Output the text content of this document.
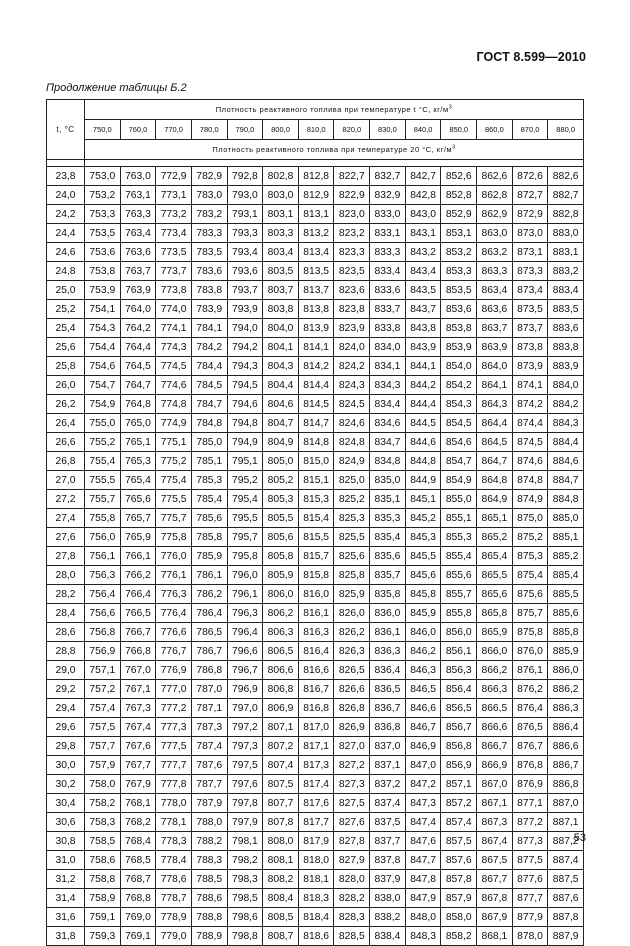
ГОСТ 8.599—2010
Продолжение таблицы Б.2
t, °C	Плотность реактивного топлива при температуре t °С, $кг/м^3$
	750,0	760,0	770,0	780,0	790,0	800,0	810,0	820,0	830,0	840,0	850,0	860,0	870,0	880,0
	Плотность реактивного топлива при температуре 20 °С, $кг/м^3$

23,8	753,0	763,0	772,9	782,9	792,8	802,8	812,8	822,7	832,7	842,7	852,6	862,6	872,6	882,6
24,0	753,2	763,1	773,1	783,0	793,0	803,0	812,9	822,9	832,9	842,8	852,8	862,8	872,7	882,7
24,2	753,3	763,3	773,2	783,2	793,1	803,1	813,1	823,0	833,0	843,0	852,9	862,9	872,9	882,8
24,4	753,5	763,4	773,4	783,3	793,3	803,3	813,2	823,2	833,1	843,1	853,1	863,0	873,0	883,0
24,6	753,6	763,6	773,5	783,5	793,4	803,4	813,4	823,3	833,3	843,2	853,2	863,2	873,1	883,1
24,8	753,8	763,7	773,7	783,6	793,6	803,5	813,5	823,5	833,4	843,4	853,3	863,3	873,3	883,2
25,0	753,9	763,9	773,8	783,8	793,7	803,7	813,7	823,6	833,6	843,5	853,5	863,4	873,4	883,4
25,2	754,1	764,0	774,0	783,9	793,9	803,8	813,8	823,8	833,7	843,7	853,6	863,6	873,5	883,5
25,4	754,3	764,2	774,1	784,1	794,0	804,0	813,9	823,9	833,8	843,8	853,8	863,7	873,7	883,6
25,6	754,4	764,4	774,3	784,2	794,2	804,1	814,1	824,0	834,0	843,9	853,9	863,9	873,8	883,8
25,8	754,6	764,5	774,5	784,4	794,3	804,3	814,2	824,2	834,1	844,1	854,0	864,0	873,9	883,9
26,0	754,7	764,7	774,6	784,5	794,5	804,4	814,4	824,3	834,3	844,2	854,2	864,1	874,1	884,0
26,2	754,9	764,8	774,8	784,7	794,6	804,6	814,5	824,5	834,4	844,4	854,3	864,3	874,2	884,2
26,4	755,0	765,0	774,9	784,8	794,8	804,7	814,7	824,6	834,6	844,5	854,5	864,4	874,4	884,3
26,6	755,2	765,1	775,1	785,0	794,9	804,9	814,8	824,8	834,7	844,6	854,6	864,5	874,5	884,4
26,8	755,4	765,3	775,2	785,1	795,1	805,0	815,0	824,9	834,8	844,8	854,7	864,7	874,6	884,6
27,0	755,5	765,4	775,4	785,3	795,2	805,2	815,1	825,0	835,0	844,9	854,9	864,8	874,8	884,7
27,2	755,7	765,6	775,5	785,4	795,4	805,3	815,3	825,2	835,1	845,1	855,0	864,9	874,9	884,8
27,4	755,8	765,7	775,7	785,6	795,5	805,5	815,4	825,3	835,3	845,2	855,1	865,1	875,0	885,0
27,6	756,0	765,9	775,8	785,8	795,7	805,6	815,5	825,5	835,4	845,3	855,3	865,2	875,2	885,1
27,8	756,1	766,1	776,0	785,9	795,8	805,8	815,7	825,6	835,6	845,5	855,4	865,4	875,3	885,2
28,0	756,3	766,2	776,1	786,1	796,0	805,9	815,8	825,8	835,7	845,6	855,6	865,5	875,4	885,4
28,2	756,4	766,4	776,3	786,2	796,1	806,0	816,0	825,9	835,8	845,8	855,7	865,6	875,6	885,5
28,4	756,6	766,5	776,4	786,4	796,3	806,2	816,1	826,0	836,0	845,9	855,8	865,8	875,7	885,6
28,6	756,8	766,7	776,6	786,5	796,4	806,3	816,3	826,2	836,1	846,0	856,0	865,9	875,8	885,8
28,8	756,9	766,8	776,7	786,7	796,6	806,5	816,4	826,3	836,3	846,2	856,1	866,0	876,0	885,9
29,0	757,1	767,0	776,9	786,8	796,7	806,6	816,6	826,5	836,4	846,3	856,3	866,2	876,1	886,0
29,2	757,2	767,1	777,0	787,0	796,9	806,8	816,7	826,6	836,5	846,5	856,4	866,3	876,2	886,2
29,4	757,4	767,3	777,2	787,1	797,0	806,9	816,8	826,8	836,7	846,6	856,5	866,5	876,4	886,3
29,6	757,5	767,4	777,3	787,3	797,2	807,1	817,0	826,9	836,8	846,7	856,7	866,6	876,5	886,4
29,8	757,7	767,6	777,5	787,4	797,3	807,2	817,1	827,0	837,0	846,9	856,8	866,7	876,7	886,6
30,0	757,9	767,7	777,7	787,6	797,5	807,4	817,3	827,2	837,1	847,0	856,9	866,9	876,8	886,7
30,2	758,0	767,9	777,8	787,7	797,6	807,5	817,4	827,3	837,2	847,2	857,1	867,0	876,9	886,8
30,4	758,2	768,1	778,0	787,9	797,8	807,7	817,6	827,5	837,4	847,3	857,2	867,1	877,1	887,0
30,6	758,3	768,2	778,1	788,0	797,9	807,8	817,7	827,6	837,5	847,4	857,4	867,3	877,2	887,1
30,8	758,5	768,4	778,3	788,2	798,1	808,0	817,9	827,8	837,7	847,6	857,5	867,4	877,3	887,2
31,0	758,6	768,5	778,4	788,3	798,2	808,1	818,0	827,9	837,8	847,7	857,6	867,5	877,5	887,4
31,2	758,8	768,7	778,6	788,5	798,3	808,2	818,1	828,0	837,9	847,8	857,8	867,7	877,6	887,5
31,4	758,9	768,8	778,7	788,6	798,5	808,4	818,3	828,2	838,0	847,9	857,9	867,8	877,7	887,6
31,6	759,1	769,0	778,9	788,8	798,6	808,5	818,4	828,3	838,2	848,0	858,0	867,9	877,9	887,8
31,8	759,3	769,1	779,0	788,9	798,8	808,7	818,6	828,5	838,4	848,3	858,2	868,1	878,0	887,9
53
